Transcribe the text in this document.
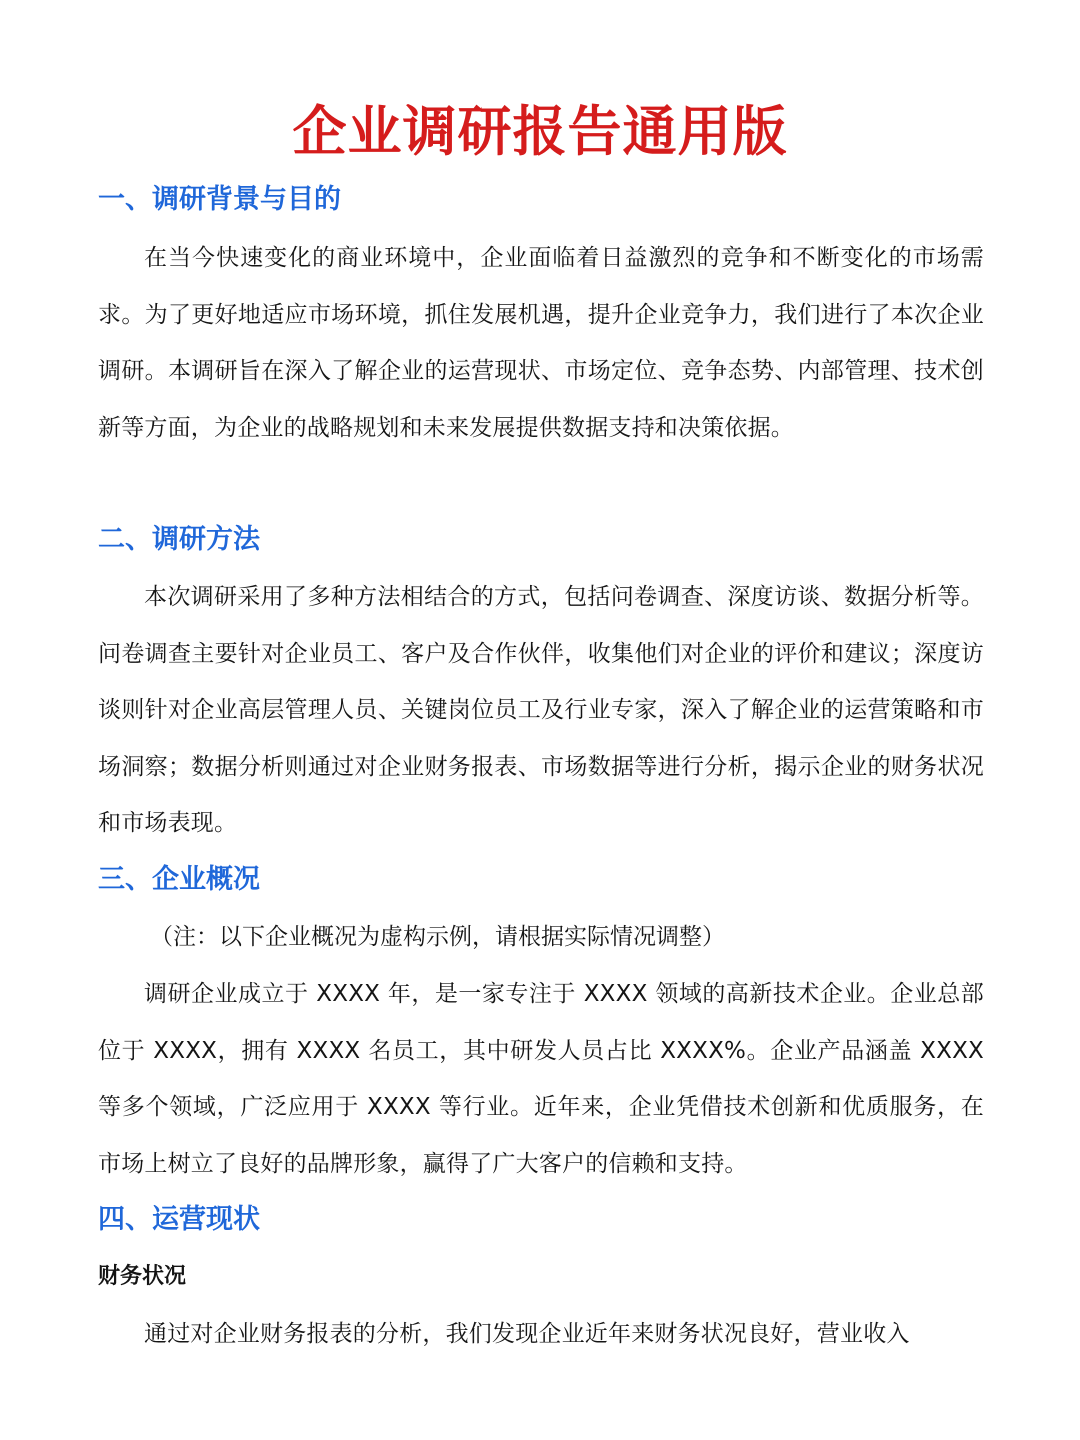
企业调研报告通用版
一、调研背景与目的
在当今快速变化的商业环境中，企业面临着日益激烈的竞争和不断变化的市场需求。为了更好地适应市场环境，抓住发展机遇，提升企业竞争力，我们进行了本次企业调研。本调研旨在深入了解企业的运营现状、市场定位、竞争态势、内部管理、技术创新等方面，为企业的战略规划和未来发展提供数据支持和决策依据。
二、调研方法
本次调研采用了多种方法相结合的方式，包括问卷调查、深度访谈、数据分析等。问卷调查主要针对企业员工、客户及合作伙伴，收集他们对企业的评价和建议；深度访谈则针对企业高层管理人员、关键岗位员工及行业专家，深入了解企业的运营策略和市场洞察；数据分析则通过对企业财务报表、市场数据等进行分析，揭示企业的财务状况和市场表现。
三、企业概况
（注：以下企业概况为虚构示例，请根据实际情况调整）
调研企业成立于 XXXX 年，是一家专注于 XXXX 领域的高新技术企业。企业总部位于 XXXX，拥有 XXXX 名员工，其中研发人员占比 XXXX%。企业产品涵盖 XXXX 等多个领域，广泛应用于 XXXX 等行业。近年来，企业凭借技术创新和优质服务，在市场上树立了良好的品牌形象，赢得了广大客户的信赖和支持。
四、运营现状
财务状况
通过对企业财务报表的分析，我们发现企业近年来财务状况良好，营业收入
